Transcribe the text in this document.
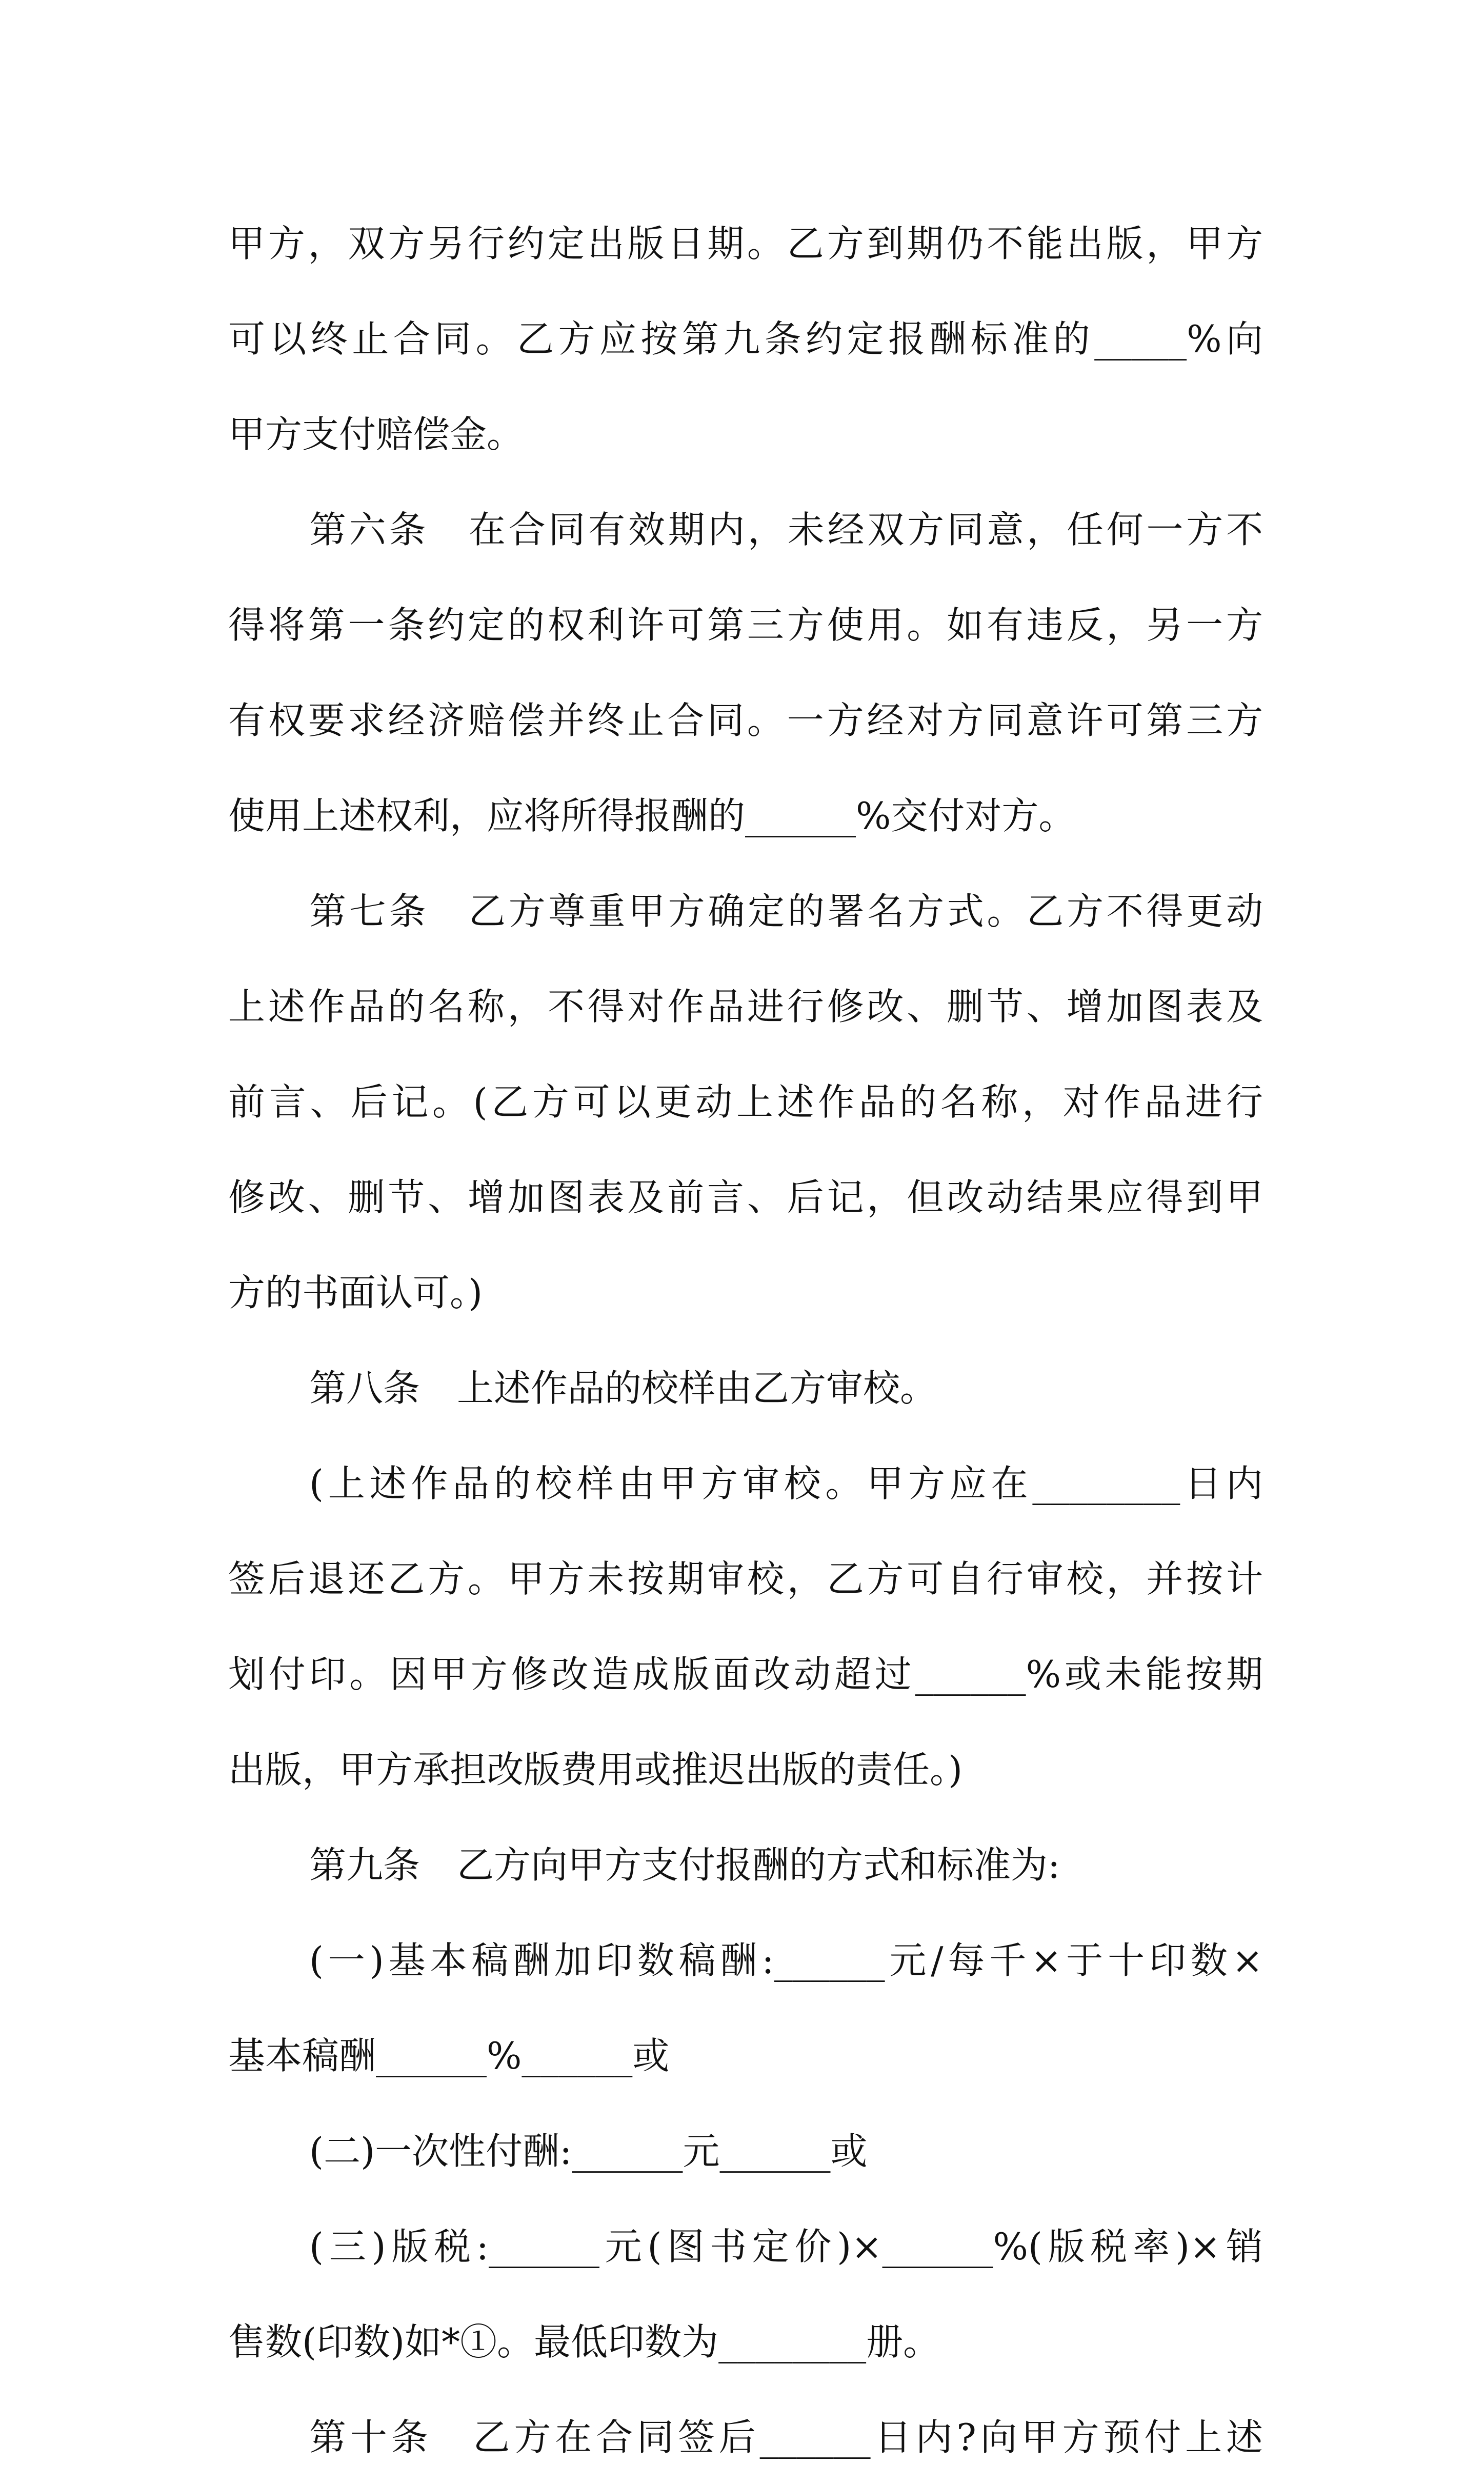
甲方，双方另行约定出版日期。乙方到期仍不能出版，甲方
可以终止合同。乙方应按第九条约定报酬标准的_____%向
甲方支付赔偿金。
第六条　在合同有效期内，未经双方同意，任何一方不
得将第一条约定的权利许可第三方使用。如有违反，另一方
有权要求经济赔偿并终止合同。一方经对方同意许可第三方
使用上述权利，应将所得报酬的______%交付对方。
第七条　乙方尊重甲方确定的署名方式。乙方不得更动
上述作品的名称，不得对作品进行修改、删节、增加图表及
前言、后记。(乙方可以更动上述作品的名称，对作品进行
修改、删节、增加图表及前言、后记，但改动结果应得到甲
方的书面认可。)
第八条　上述作品的校样由乙方审校。
(上述作品的校样由甲方审校。甲方应在________日内
签后退还乙方。甲方未按期审校，乙方可自行审校，并按计
划付印。因甲方修改造成版面改动超过______%或未能按期
出版，甲方承担改版费用或推迟出版的责任。)
第九条　乙方向甲方支付报酬的方式和标准为:
(一)基本稿酬加印数稿酬:______元/每千×于十印数×
基本稿酬______%______或
(二)一次性付酬:______元______或
(三)版税:______元(图书定价)×______%(版税率)×销
售数(印数)如*①。最低印数为________册。
第十条　乙方在合同签后______日内?向甲方预付上述
